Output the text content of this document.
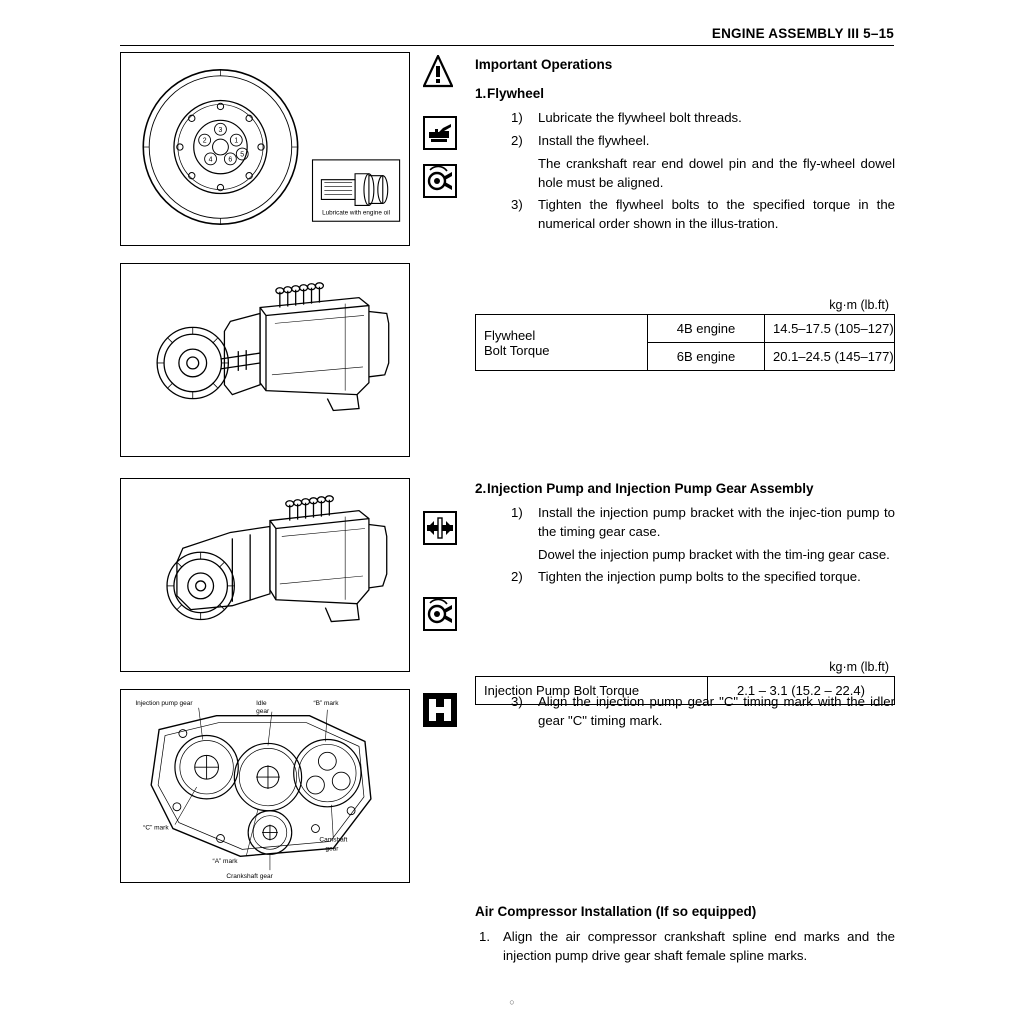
ENGINE ASSEMBLY III 5–15
3
1
6
4
2
5
Lubricate with engine oil
Injection pump gear	Idle
gear
“B” mark
“C” mark
Camshaft
gear
“A” mark
Crankshaft gear
Important Operations
1. Flywheel
1) Lubricate the flywheel bolt threads.
2) Install the flywheel.
The crankshaft rear end dowel pin and the fly-wheel dowel hole must be aligned.
3) Tighten the flywheel bolts to the specified torque in the numerical order shown in the illus-tration.
kg·m (lb.ft)
Flywheel
Bolt Torque	4B engine	14.5–17.5 (105–127)
	6B engine	20.1–24.5 (145–177)
2. Injection Pump and Injection Pump Gear Assembly
1) Install the injection pump bracket with the injec-tion pump to the timing gear case.
Dowel the injection pump bracket with the tim-ing gear case.
2) Tighten the injection pump bolts to the specified torque.
kg·m (lb.ft)
Injection Pump Bolt Torque	2.1 – 3.1 (15.2 – 22.4)
3) Align the injection pump gear "C" timing mark with the idler gear "C" timing mark.
Air Compressor Installation (If so equipped)
1. Align the air compressor crankshaft spline end marks and the injection pump drive gear shaft female spline marks.
○
